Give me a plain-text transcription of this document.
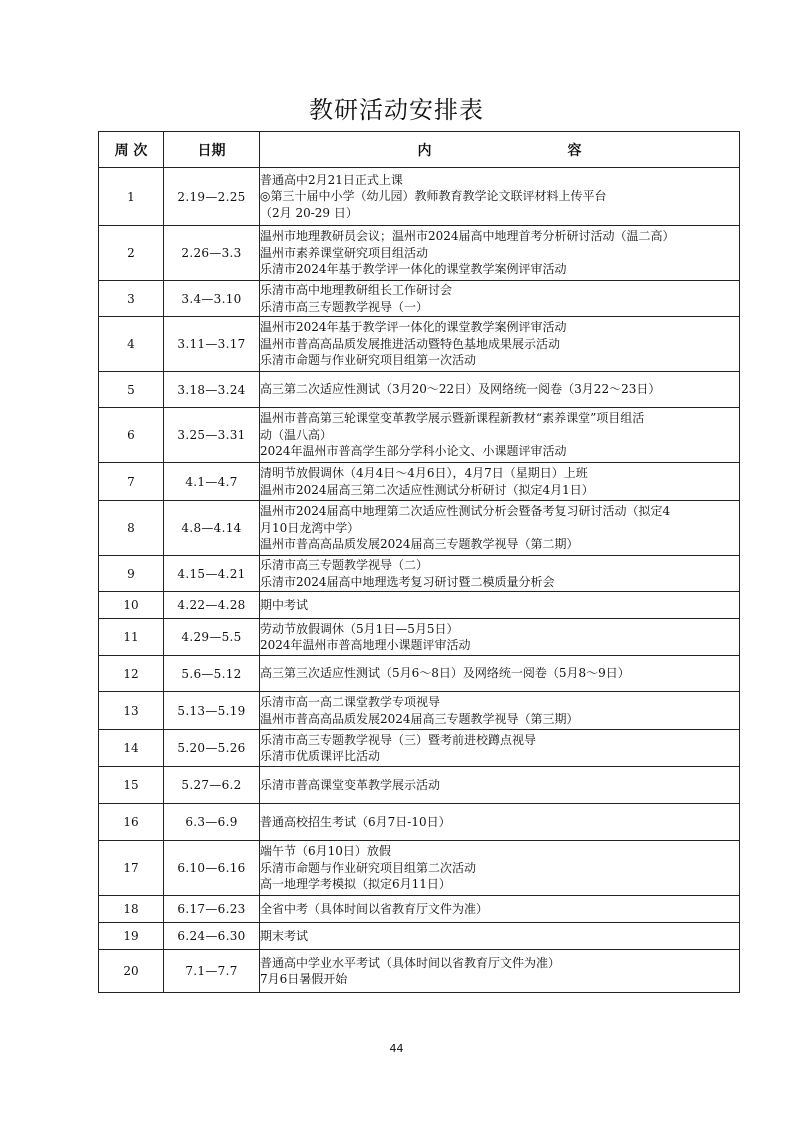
教研活动安排表
周 次	日期	内 容
1	2.19—2.25	普通高中2月21日正式上课
◎第三十届中小学（幼儿园）教师教育教学论文联评材料上传平台
（2月 20-29 日）

2	2.26—3.3	温州市地理教研员会议；温州市2024届高中地理首考分析研讨活动（温二高）
温州市素养课堂研究项目组活动
乐清市2024年基于教学评一体化的课堂教学案例评审活动

3	3.4—3.10	乐清市高中地理教研组长工作研讨会
乐清市高三专题教学视导（一）

4	3.11—3.17	温州市2024年基于教学评一体化的课堂教学案例评审活动
温州市普高高品质发展推进活动暨特色基地成果展示活动
乐清市命题与作业研究项目组第一次活动

5	3.18—3.24	高三第二次适应性测试（3月20～22日）及网络统一阅卷（3月22～23日）

6	3.25—3.31	温州市普高第三轮课堂变革教学展示暨新课程新教材“素养课堂”项目组活
动（温八高）
2024年温州市普高学生部分学科小论文、小课题评审活动

7	4.1—4.7	清明节放假调休（4月4日～4月6日），4月7日（星期日）上班
温州市2024届高三第二次适应性测试分析研讨（拟定4月1日）

8	4.8—4.14	温州市2024届高中地理第二次适应性测试分析会暨备考复习研讨活动（拟定4
月10日龙湾中学）
温州市普高高品质发展2024届高三专题教学视导（第二期）

9	4.15—4.21	乐清市高三专题教学视导（二）
乐清市2024届高中地理选考复习研讨暨二模质量分析会

10	4.22—4.28	期中考试

11	4.29—5.5	劳动节放假调休（5月1日—5月5日）
2024年温州市普高地理小课题评审活动

12	5.6—5.12	高三第三次适应性测试（5月6～8日）及网络统一阅卷（5月8～9日）

13	5.13—5.19	乐清市高一高二课堂教学专项视导
温州市普高高品质发展2024届高三专题教学视导（第三期）

14	5.20—5.26	乐清市高三专题教学视导（三）暨考前进校蹲点视导
乐清市优质课评比活动

15	5.27—6.2	乐清市普高课堂变革教学展示活动

16	6.3—6.9	普通高校招生考试（6月7日-10日）

17	6.10—6.16	端午节（6月10日）放假
乐清市命题与作业研究项目组第二次活动
高一地理学考模拟（拟定6月11日）

18	6.17—6.23	全省中考（具体时间以省教育厅文件为准）

19	6.24—6.30	期末考试

20	7.1—7.7	普通高中学业水平考试（具体时间以省教育厅文件为准）
7月6日暑假开始
44
